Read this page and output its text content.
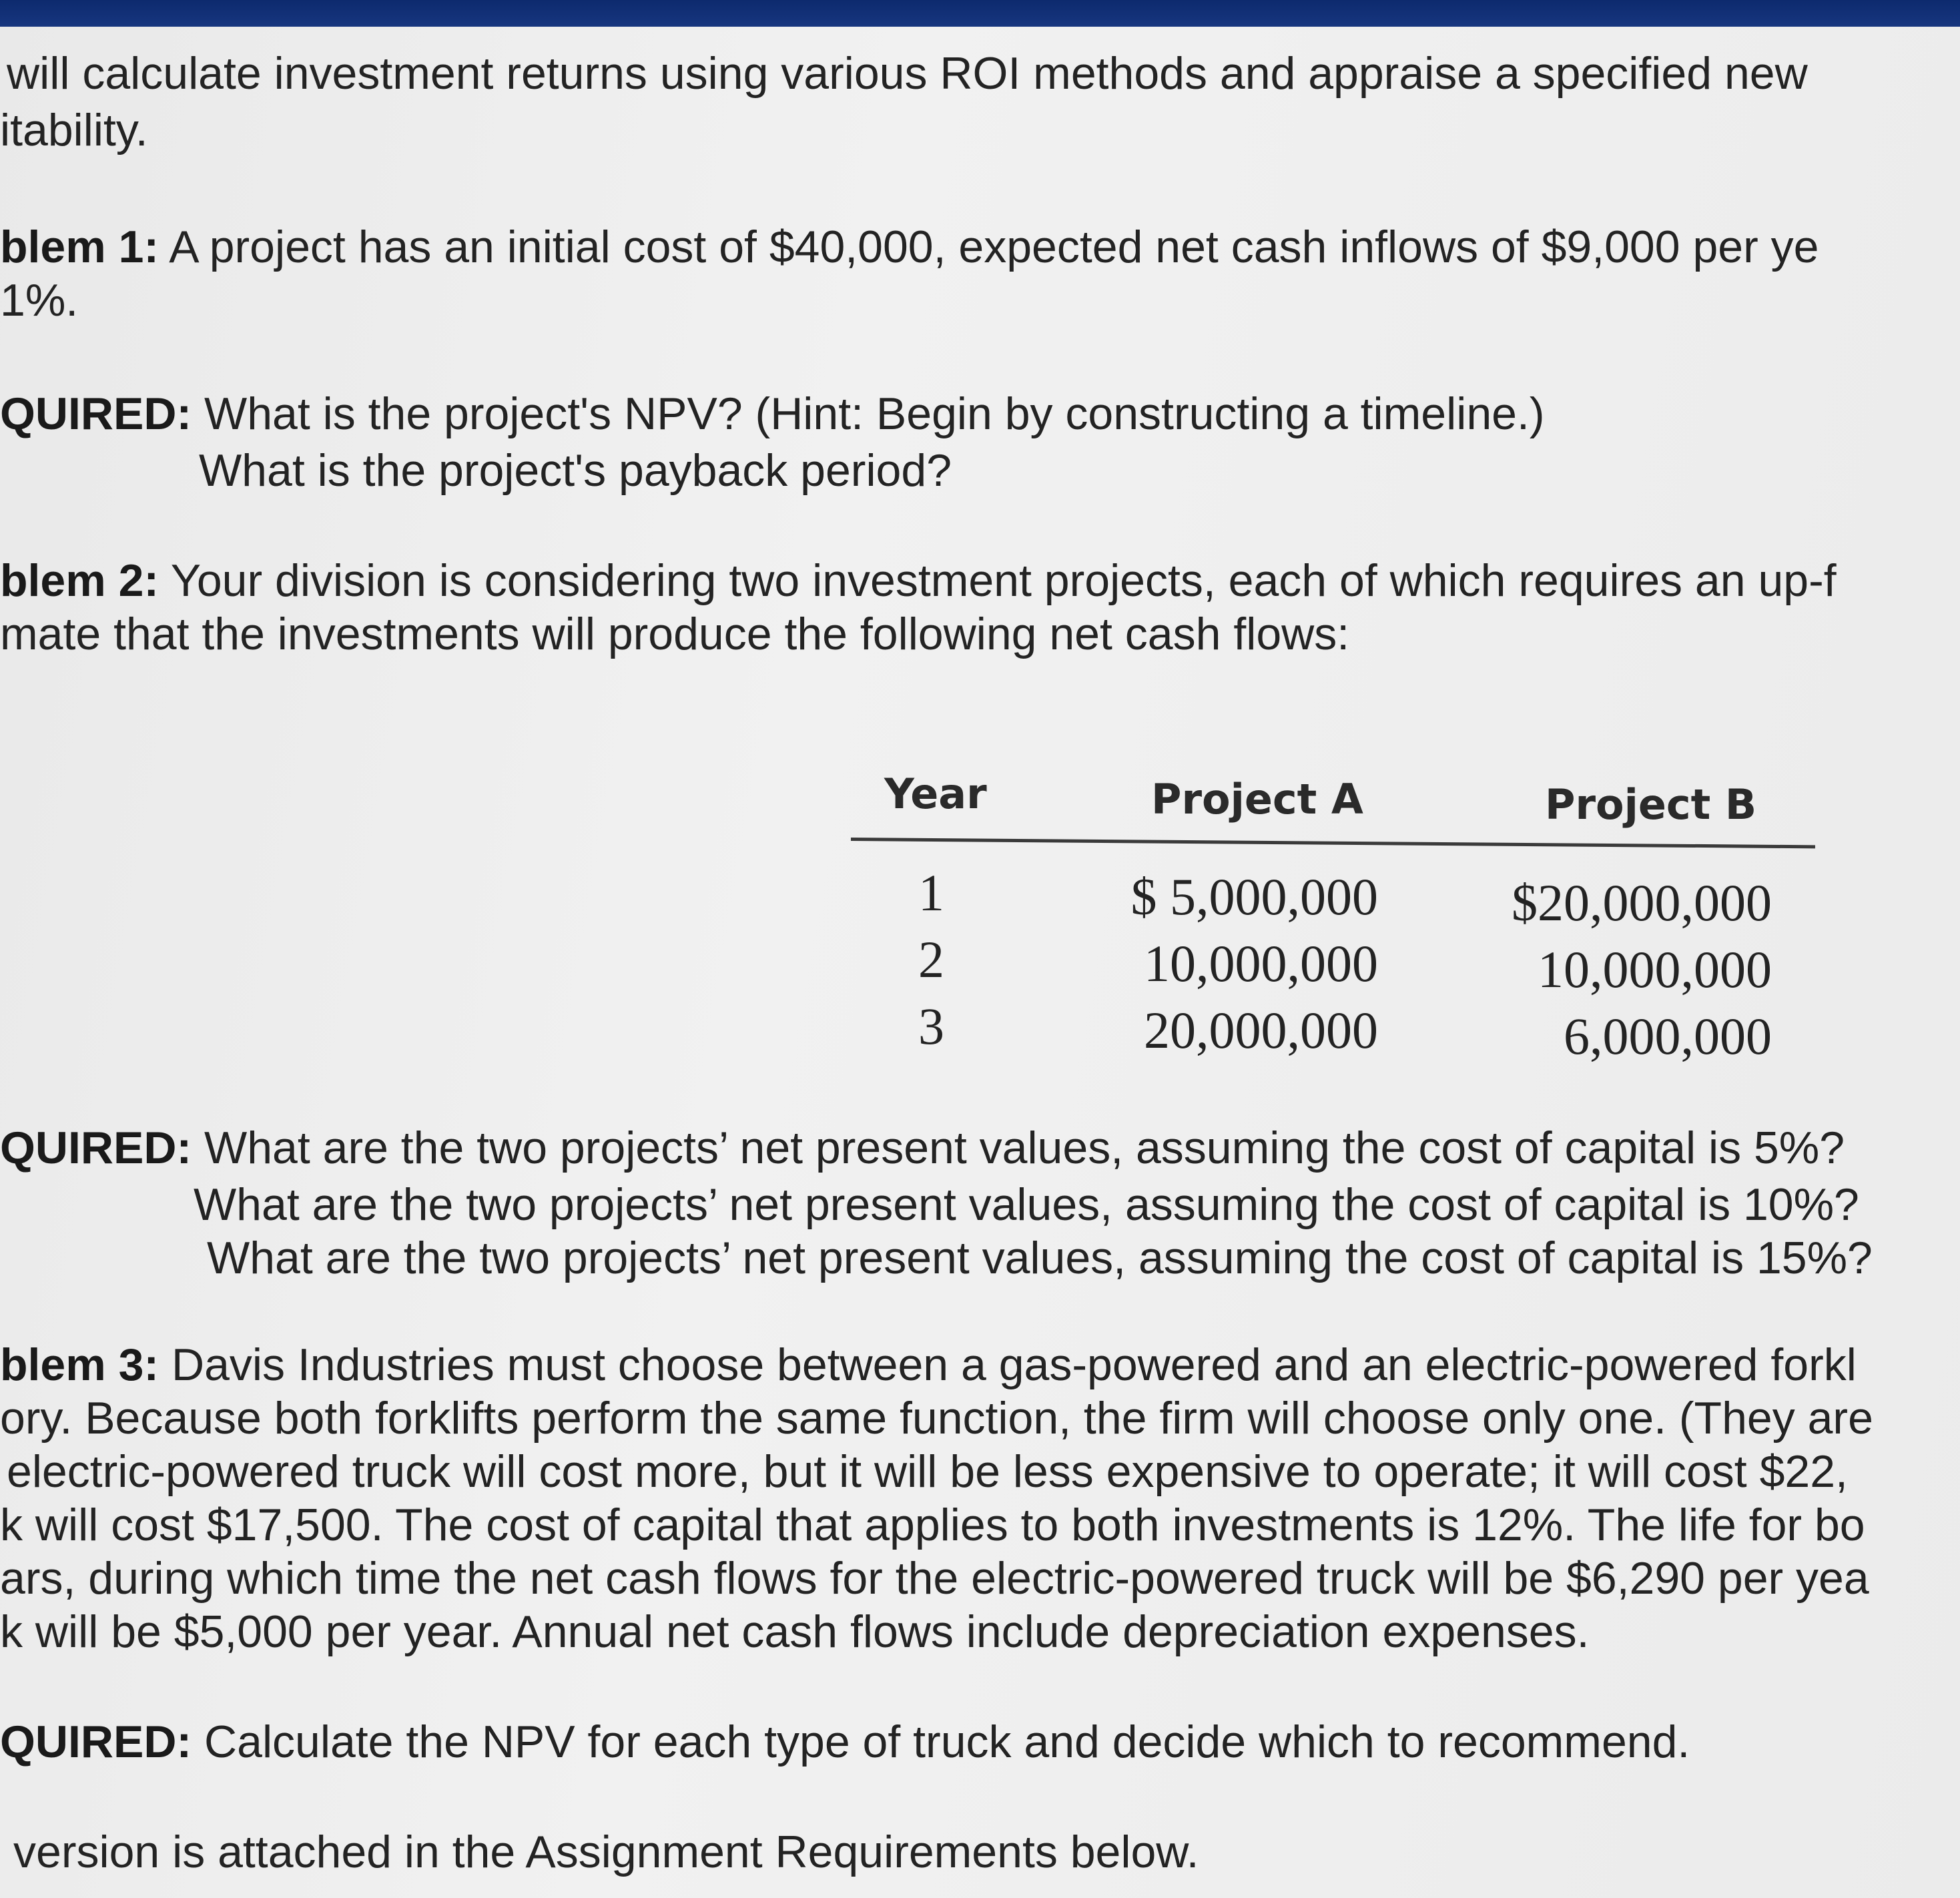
will calculate investment returns using various ROI methods and appraise a specified new
itability.
blem 1: A project has an initial cost of $40,000, expected net cash inflows of $9,000 per ye
1%.
QUIRED: What is the project's NPV? (Hint: Begin by constructing a timeline.)
What is the project's payback period?
blem 2: Your division is considering two investment projects, each of which requires an up-f
mate that the investments will produce the following net cash flows:
Year	Project A	Project B
1	$ 5,000,000	$20,000,000
2	10,000,000	10,000,000
3	20,000,000	6,000,000
QUIRED: What are the two projects’ net present values, assuming the cost of capital is 5%?
What are the two projects’ net present values, assuming the cost of capital is 10%?
What are the two projects’ net present values, assuming the cost of capital is 15%?
blem 3: Davis Industries must choose between a gas-powered and an electric-powered forkl
ory. Because both forklifts perform the same function, the firm will choose only one. (They are
electric-powered truck will cost more, but it will be less expensive to operate; it will cost $22,
k will cost $17,500. The cost of capital that applies to both investments is 12%. The life for bo
ars, during which time the net cash flows for the electric-powered truck will be $6,290 per yea
k will be $5,000 per year. Annual net cash flows include depreciation expenses.
QUIRED: Calculate the NPV for each type of truck and decide which to recommend.
version is attached in the Assignment Requirements below.
